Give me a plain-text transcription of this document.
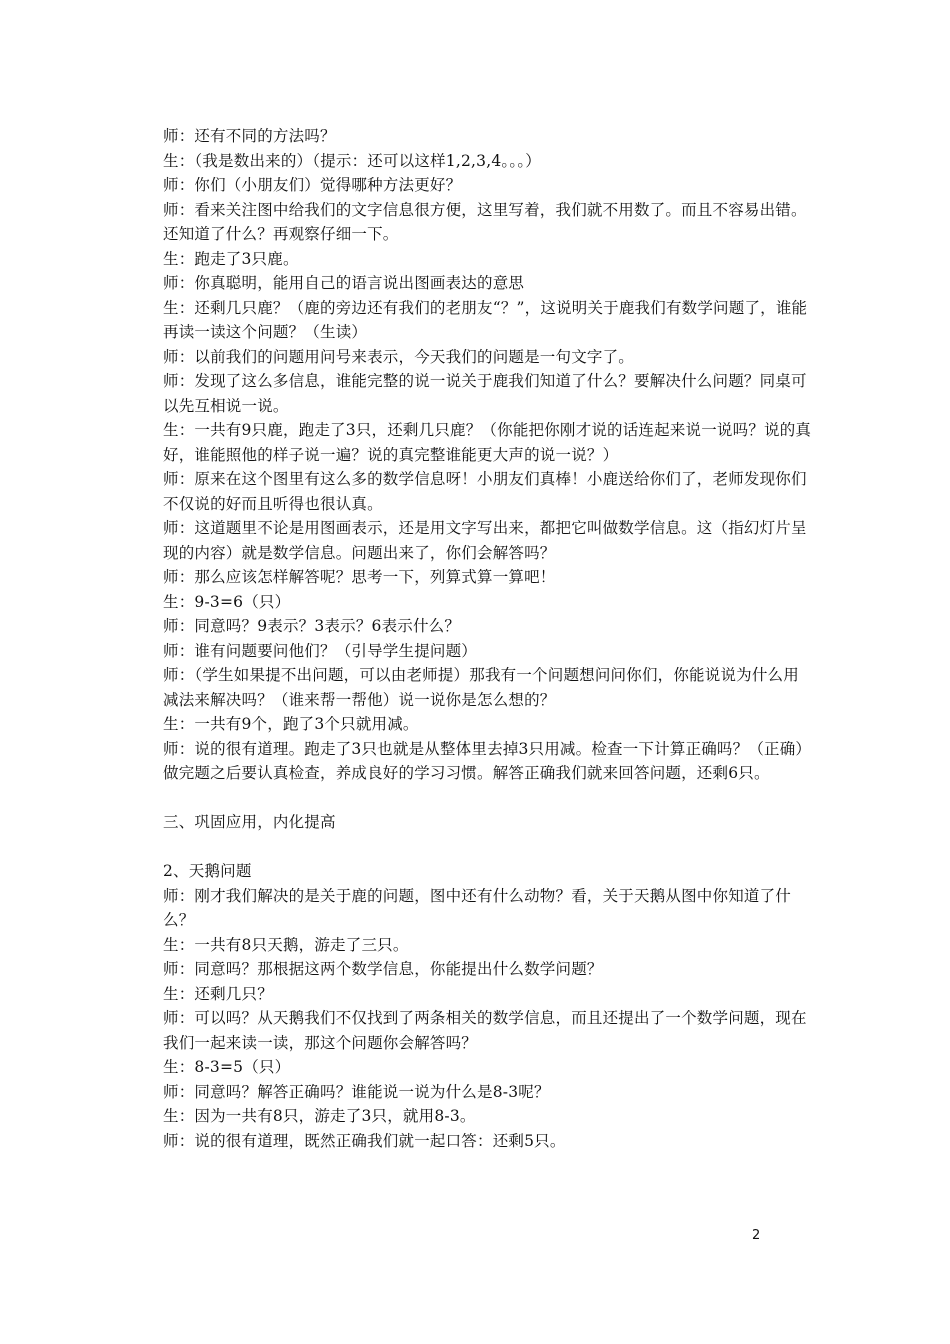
师：还有不同的方法吗？

生：（我是数出来的）（提示：还可以这样1,2,3,4。。。）

师：你们（小朋友们）觉得哪种方法更好？

师：看来关注图中给我们的文字信息很方便，这里写着，我们就不用数了。而且不容易出错。

还知道了什么？再观察仔细一下。

生：跑走了3只鹿。

师：你真聪明，能用自己的语言说出图画表达的意思

生：还剩几只鹿？（鹿的旁边还有我们的老朋友“？”，这说明关于鹿我们有数学问题了，谁能再读一读这个问题？（生读）

师：以前我们的问题用问号来表示，今天我们的问题是一句文字了。

师：发现了这么多信息，谁能完整的说一说关于鹿我们知道了什么？要解决什么问题？同桌可以先互相说一说。

生：一共有9只鹿，跑走了3只，还剩几只鹿？（你能把你刚才说的话连起来说一说吗？说的真好，谁能照他的样子说一遍？说的真完整谁能更大声的说一说？）

师：原来在这个图里有这么多的数学信息呀！小朋友们真棒！小鹿送给你们了，老师发现你们不仅说的好而且听得也很认真。

师：这道题里不论是用图画表示，还是用文字写出来，都把它叫做数学信息。这（指幻灯片呈现的内容）就是数学信息。问题出来了，你们会解答吗？

师：那么应该怎样解答呢？思考一下，列算式算一算吧！

生：9-3=6（只）

师：同意吗？9表示？3表示？6表示什么？

师：谁有问题要问他们？（引导学生提问题）

师：（学生如果提不出问题，可以由老师提）那我有一个问题想问问你们，你能说说为什么用减法来解决吗？（谁来帮一帮他）说一说你是怎么想的？

生：一共有9个，跑了3个只就用减。

师：说的很有道理。跑走了3只也就是从整体里去掉3只用减。检查一下计算正确吗？（正确）做完题之后要认真检查，养成良好的学习习惯。解答正确我们就来回答问题，还剩6只。

三、巩固应用，内化提高

2、天鹅问题

师：刚才我们解决的是关于鹿的问题，图中还有什么动物？看，关于天鹅从图中你知道了什么？

生：一共有8只天鹅，游走了三只。

师：同意吗？那根据这两个数学信息，你能提出什么数学问题？

生：还剩几只？

师：可以吗？从天鹅我们不仅找到了两条相关的数学信息，而且还提出了一个数学问题，现在我们一起来读一读，那这个问题你会解答吗？

生：8-3=5（只）

师：同意吗？解答正确吗？谁能说一说为什么是8-3呢？

生：因为一共有8只，游走了3只，就用8-3。

师：说的很有道理，既然正确我们就一起口答：还剩5只。

2
